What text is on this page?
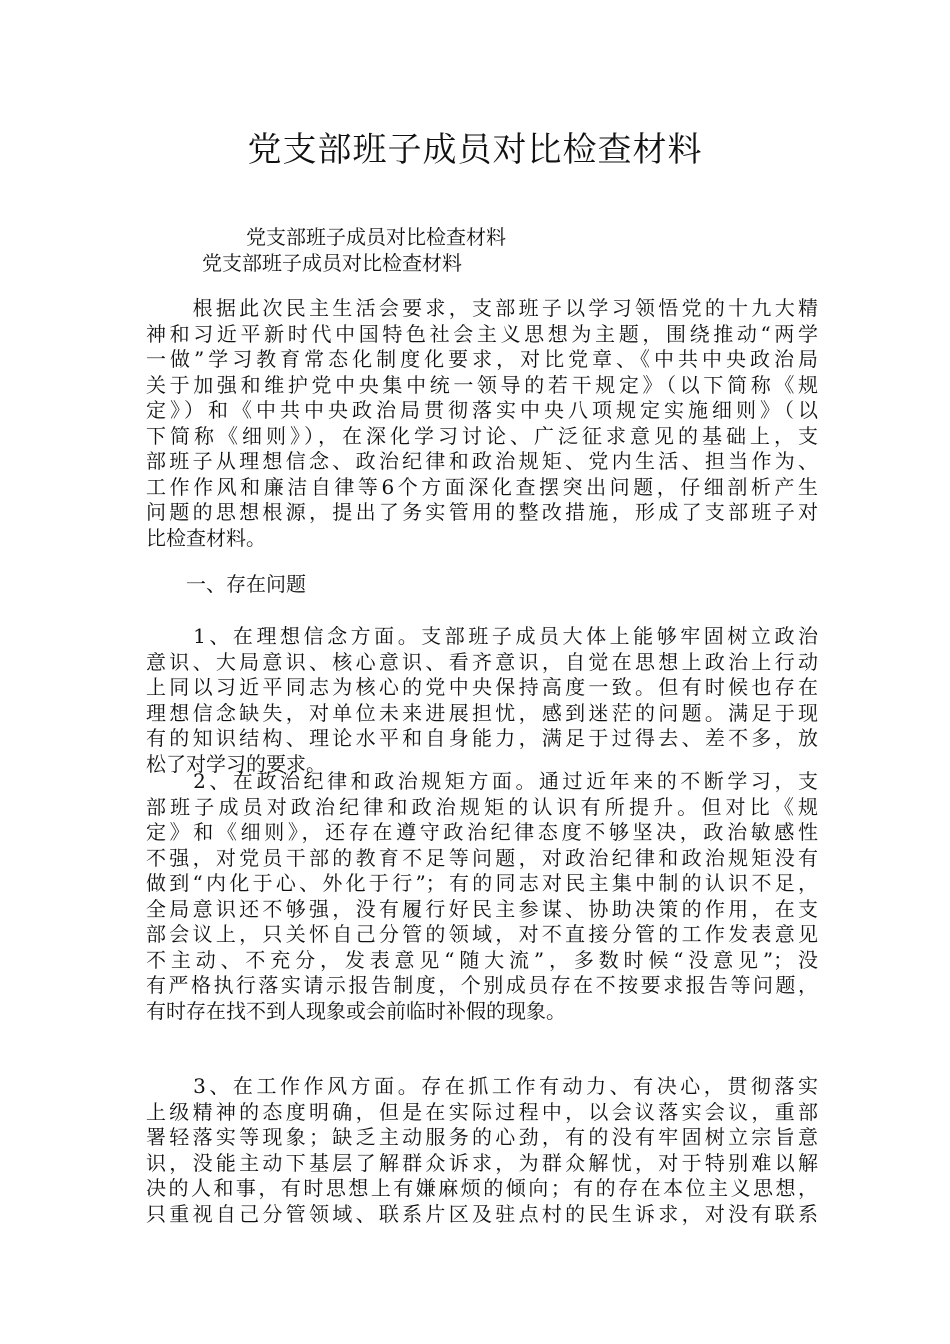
党支部班子成员对比检查材料

党支部班子成员对比检查材料

党支部班子成员对比检查材料

　　根据此次民主生活会要求，支部班子以学习领悟党的十九大精
神和习近平新时代中国特色社会主义思想为主题，围绕推动“两学
一做”学习教育常态化制度化要求，对比党章、《中共中央政治局
关于加强和维护党中央集中统一领导的若干规定》（以下简称《规
定》）和《中共中央政治局贯彻落实中央八项规定实施细则》（以
下简称《细则》），在深化学习讨论、广泛征求意见的基础上，支
部班子从理想信念、政治纪律和政治规矩、党内生活、担当作为、
工作作风和廉洁自律等6个方面深化查摆突出问题，仔细剖析产生
问题的思想根源，提出了务实管用的整改措施，形成了支部班子对
比检查材料。
　　一、存在问题
　　1、在理想信念方面。支部班子成员大体上能够牢固树立政治
意识、大局意识、核心意识、看齐意识，自觉在思想上政治上行动
上同以习近平同志为核心的党中央保持高度一致。但有时候也存在
理想信念缺失，对单位未来进展担忧，感到迷茫的问题。满足于现
有的知识结构、理论水平和自身能力，满足于过得去、差不多，放
松了对学习的要求。
　　2、在政治纪律和政治规矩方面。通过近年来的不断学习，支
部班子成员对政治纪律和政治规矩的认识有所提升。但对比《规
定》和《细则》，还存在遵守政治纪律态度不够坚决，政治敏感性
不强，对党员干部的教育不足等问题，对政治纪律和政治规矩没有
做到“内化于心、外化于行”；有的同志对民主集中制的认识不足，
全局意识还不够强，没有履行好民主参谋、协助决策的作用，在支
部会议上，只关怀自己分管的领域，对不直接分管的工作发表意见
不主动、不充分，发表意见“随大流”，多数时候“没意见”；没
有严格执行落实请示报告制度，个别成员存在不按要求报告等问题，
有时存在找不到人现象或会前临时补假的现象。
　　3、在工作作风方面。存在抓工作有动力、有决心，贯彻落实
上级精神的态度明确，但是在实际过程中，以会议落实会议，重部
署轻落实等现象；缺乏主动服务的心劲，有的没有牢固树立宗旨意
识，没能主动下基层了解群众诉求，为群众解忧，对于特别难以解
决的人和事，有时思想上有嫌麻烦的倾向；有的存在本位主义思想，
只重视自己分管领域、联系片区及驻点村的民生诉求，对没有联系
